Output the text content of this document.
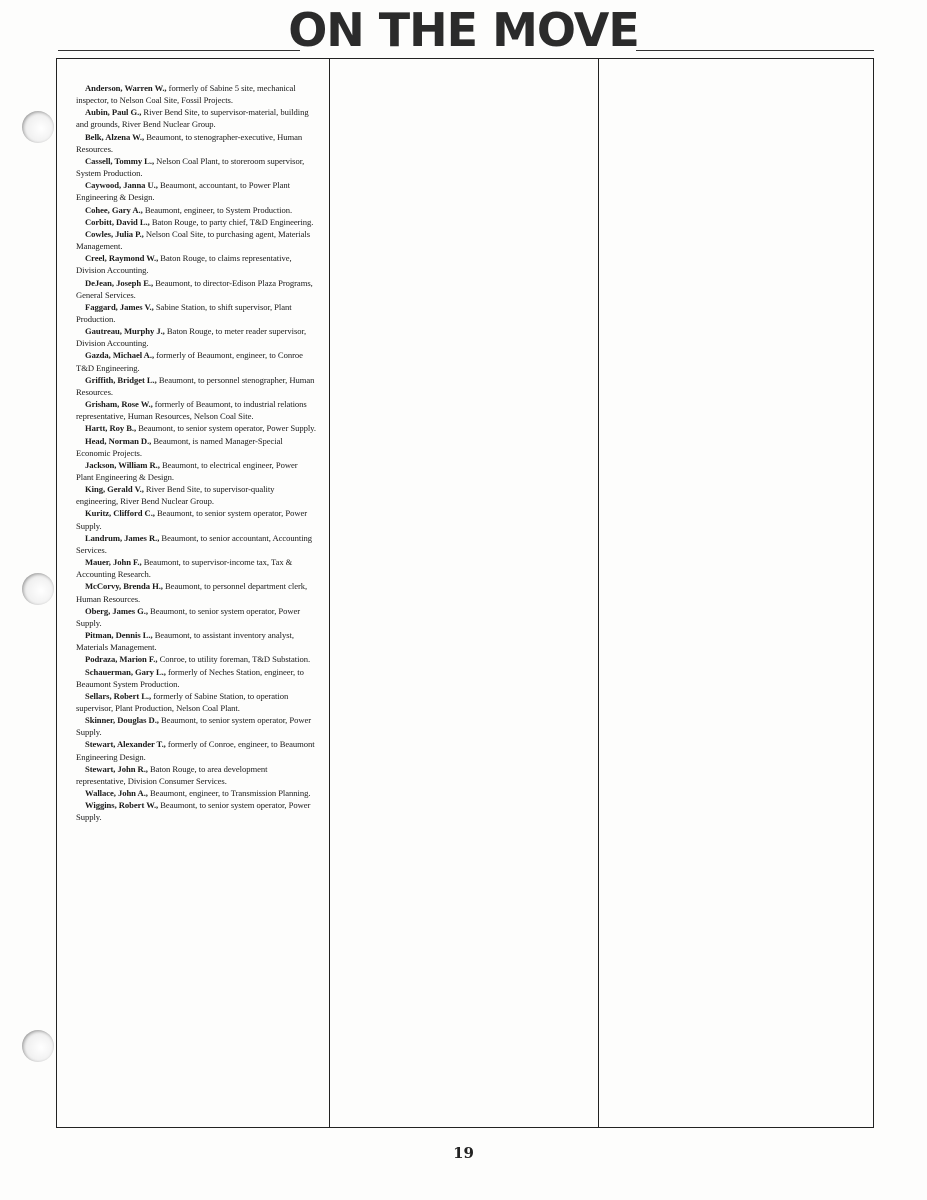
ON THE MOVE

Anderson, Warren W., formerly of Sabine 5 site, mechanical inspector, to Nelson Coal Site, Fossil Projects.

Aubin, Paul G., River Bend Site, to supervisor-material, building and grounds, River Bend Nuclear Group.

Belk, Alzena W., Beaumont, to stenographer-executive, Human Resources.

Cassell, Tommy L., Nelson Coal Plant, to storeroom supervisor, System Production.

Caywood, Janna U., Beaumont, accountant, to Power Plant Engineering & Design.

Cohee, Gary A., Beaumont, engineer, to System Production.

Corbitt, David L., Baton Rouge, to party chief, T&D Engineering.

Cowles, Julia P., Nelson Coal Site, to purchasing agent, Materials Management.

Creel, Raymond W., Baton Rouge, to claims representative, Division Accounting.

DeJean, Joseph E., Beaumont, to director-Edison Plaza Programs, General Services.

Faggard, James V., Sabine Station, to shift supervisor, Plant Production.

Gautreau, Murphy J., Baton Rouge, to meter reader supervisor, Division Accounting.

Gazda, Michael A., formerly of Beaumont, engineer, to Conroe T&D Engineering.

Griffith, Bridget L., Beaumont, to personnel stenographer, Human Resources.

Grisham, Rose W., formerly of Beaumont, to industrial relations representative, Human Resources, Nelson Coal Site.

Hartt, Roy B., Beaumont, to senior system operator, Power Supply.

Head, Norman D., Beaumont, is named Manager-Special Economic Projects.

Jackson, William R., Beaumont, to electrical engineer, Power Plant Engineering & Design.

King, Gerald V., River Bend Site, to supervisor-quality engineering, River Bend Nuclear Group.

Kuritz, Clifford C., Beaumont, to senior system operator, Power Supply.

Landrum, James R., Beaumont, to senior accountant, Accounting Services.

Mauer, John F., Beaumont, to supervisor-income tax, Tax & Accounting Research.

McCorvy, Brenda H., Beaumont, to personnel department clerk, Human Resources.

Oberg, James G., Beaumont, to senior system operator, Power Supply.

Pitman, Dennis L., Beaumont, to assistant inventory analyst, Materials Management.

Podraza, Marion F., Conroe, to utility foreman, T&D Substation.

Schauerman, Gary L., formerly of Neches Station, engineer, to Beaumont System Production.

Sellars, Robert L., formerly of Sabine Station, to operation supervisor, Plant Production, Nelson Coal Plant.

Skinner, Douglas D., Beaumont, to senior system operator, Power Supply.

Stewart, Alexander T., formerly of Conroe, engineer, to Beaumont Engineering Design.

Stewart, John R., Baton Rouge, to area development representative, Division Consumer Services.

Wallace, John A., Beaumont, engineer, to Transmission Planning.

Wiggins, Robert W., Beaumont, to senior system operator, Power Supply.

19
